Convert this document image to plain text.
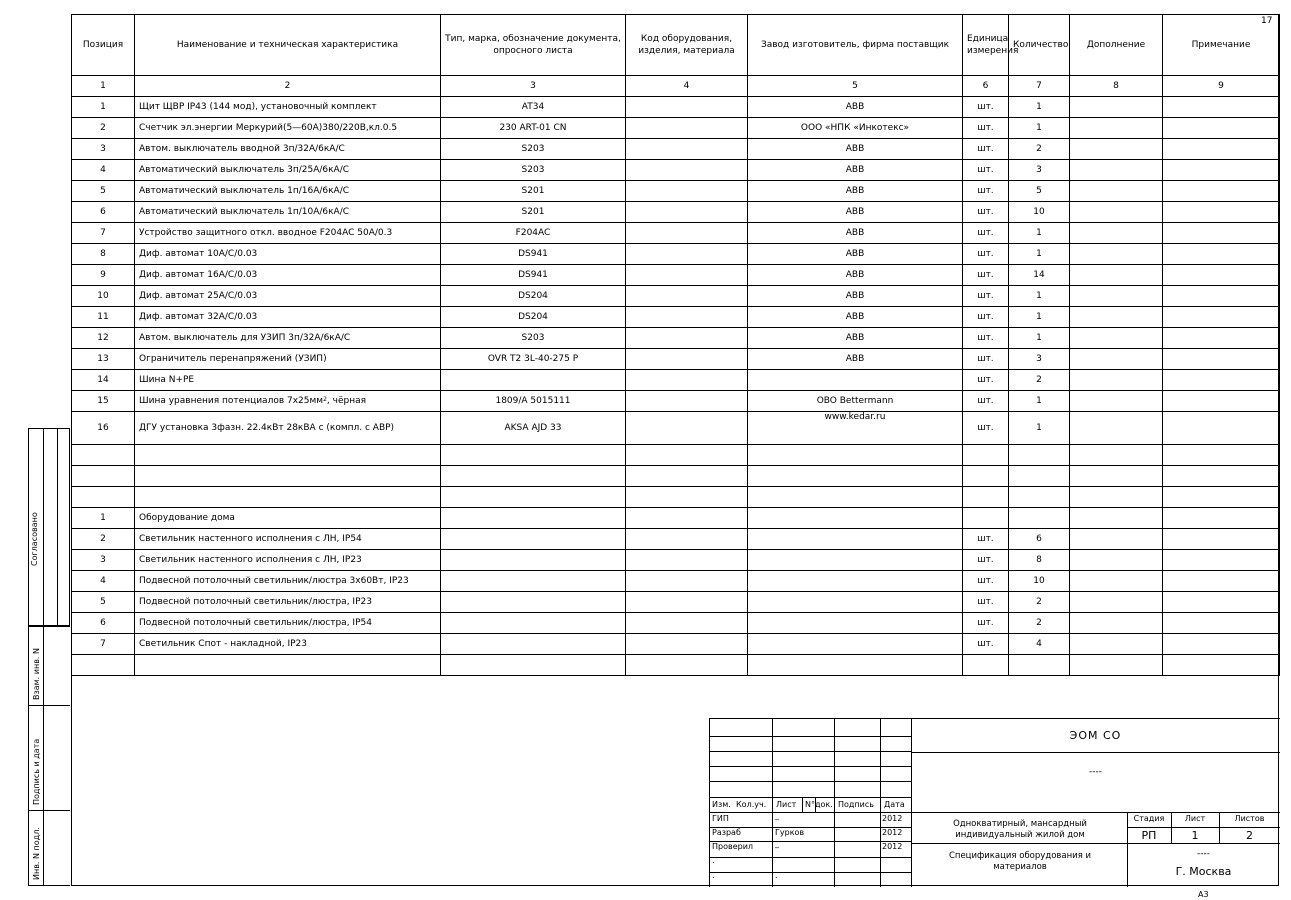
17
Позиция	Наименование и техническая характеристика	Тип, марка, обозначение документа, опросного листа	Код оборудования, изделия, материала	Завод изготовитель, фирма поставщик	Единица измерения	Количество	Дополнение	Примечание
1	2	3	4	5	6	7	8	9
1	Щит ЩВР IP43 (144 мод), установочный комплект	AT34		ABB	шт.	1		
2	Счетчик эл.энергии Меркурий(5—60А)380/220В,кл.0.5	230 ART-01 CN		ООО «НПК «Инкотекс»	шт.	1		
3	Автом. выключатель вводной 3п/32А/6кА/С	S203		ABB	шт.	2		
4	Автоматический выключатель 3п/25А/6кА/С	S203		ABB	шт.	3		
5	Автоматический выключатель 1п/16А/6кА/С	S201		ABB	шт.	5		
6	Автоматический выключатель 1п/10А/6кА/С	S201		ABB	шт.	10		
7	Устройство защитного откл. вводное F204AC 50A/0.3	F204AC		ABB	шт.	1		
8	Диф. автомат 10А/С/0.03	DS941		ABB	шт.	1		
9	Диф. автомат 16А/С/0.03	DS941		ABB	шт.	14		
10	Диф. автомат 25А/С/0.03	DS204		ABB	шт.	1		
11	Диф. автомат 32А/С/0.03	DS204		ABB	шт.	1		
12	Автом. выключатель для УЗИП 3п/32А/6кА/С	S203		ABB	шт.	1		
13	Ограничитель перенапряжений (УЗИП)	OVR T2 3L-40-275 P		ABB	шт.	3		
14	Шина N+PE				шт.	2		
15	Шина уравнения потенциалов $7х25мм^2$, чёрная	1809/A 5015111		OBO Bettermann	шт.	1		
16	ДГУ установка 3фазн. 22.4кВт 28кВА с (компл. с АВР)	AKSA AJD 33		www.kedar.ru	шт.	1		

1	Оборудование дома							
2	Светильник настенного исполнения с ЛН, IP54				шт.	6		
3	Светильник настенного исполнения с ЛН, IP23				шт.	8		
4	Подвесной потолочный светильник/люстра 3х60Вт, IP23				шт.	10		
5	Подвесной потолочный светильник/люстра, IP23				шт.	2		
6	Подвесной потолочный светильник/люстра, IP54				шт.	2		
7	Светильник Спот - накладной, IP23				шт.	4		

Согласовано
Взам. инв. N
Подпись и дата
Инв. N подл.
Изм. Кол.уч. Лист N°док. Подпись Дата
ГИП	_	2012
Разраб	Гурков	2012
Проверил	_	2012
.
.	.
ЭОМ СО
----
Однокватирный, мансардный индивидуальный жилой дом
Стадия	Лист	Листов
РП	1	2
Спецификация оборудования и материалов
----
Г. Москва
A3
